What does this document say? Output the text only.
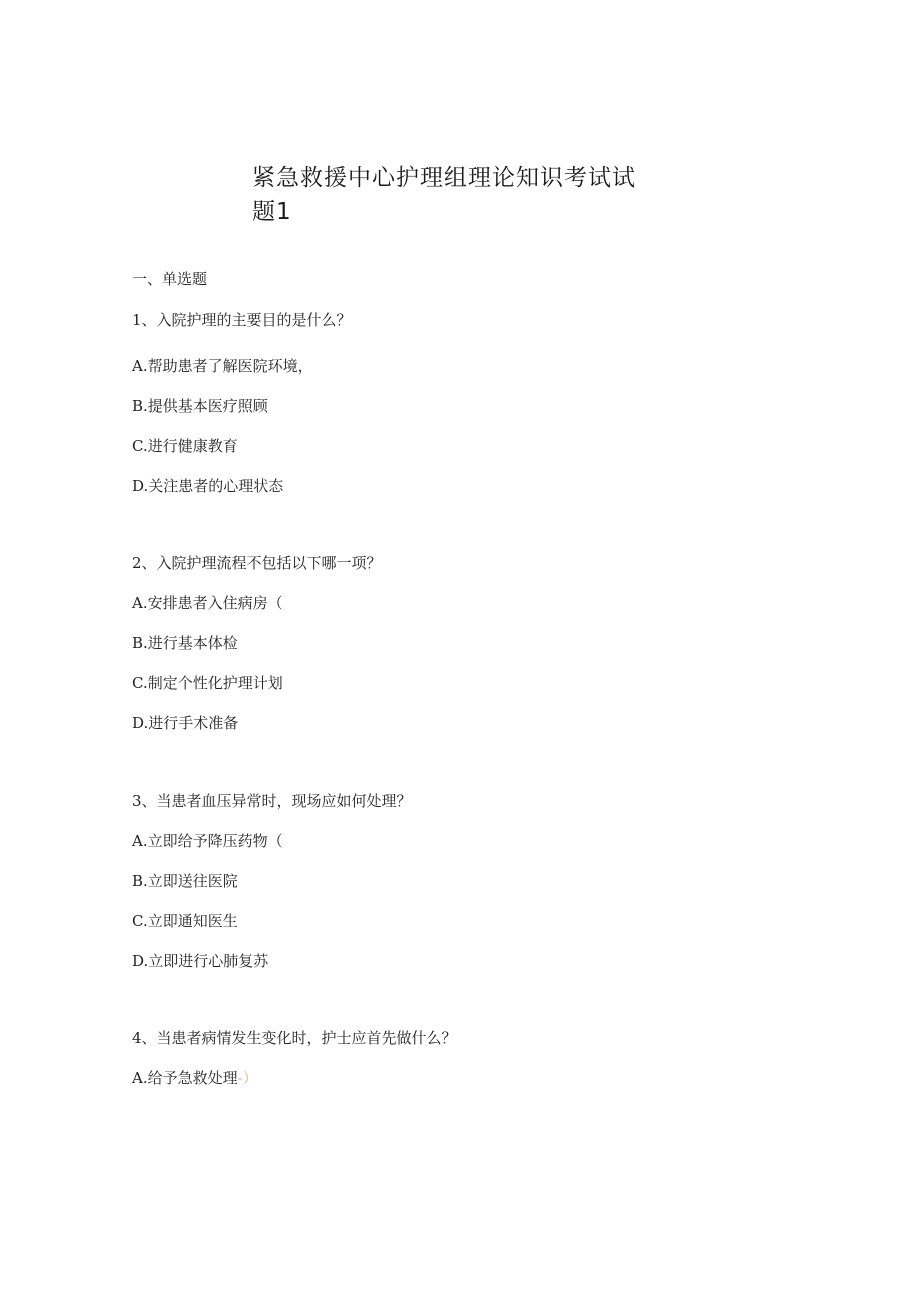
紧急救援中心护理组理论知识考试试
题1
一、单选题

1、入院护理的主要目的是什么？

A.帮助患者了解医院环境，
B.提供基本医疗照顾
C.进行健康教育
D.关注患者的心理状态

2、入院护理流程不包括以下哪一项？

A.安排患者入住病房（
B.进行基本体检
C.制定个性化护理计划
D.进行手术准备

3、当患者血压异常时，现场应如何处理？

A.立即给予降压药物（
B.立即送往医院
C.立即通知医生
D.立即进行心肺复苏

4、当患者病情发生变化时，护士应首先做什么？

A.给予急救处理-）
